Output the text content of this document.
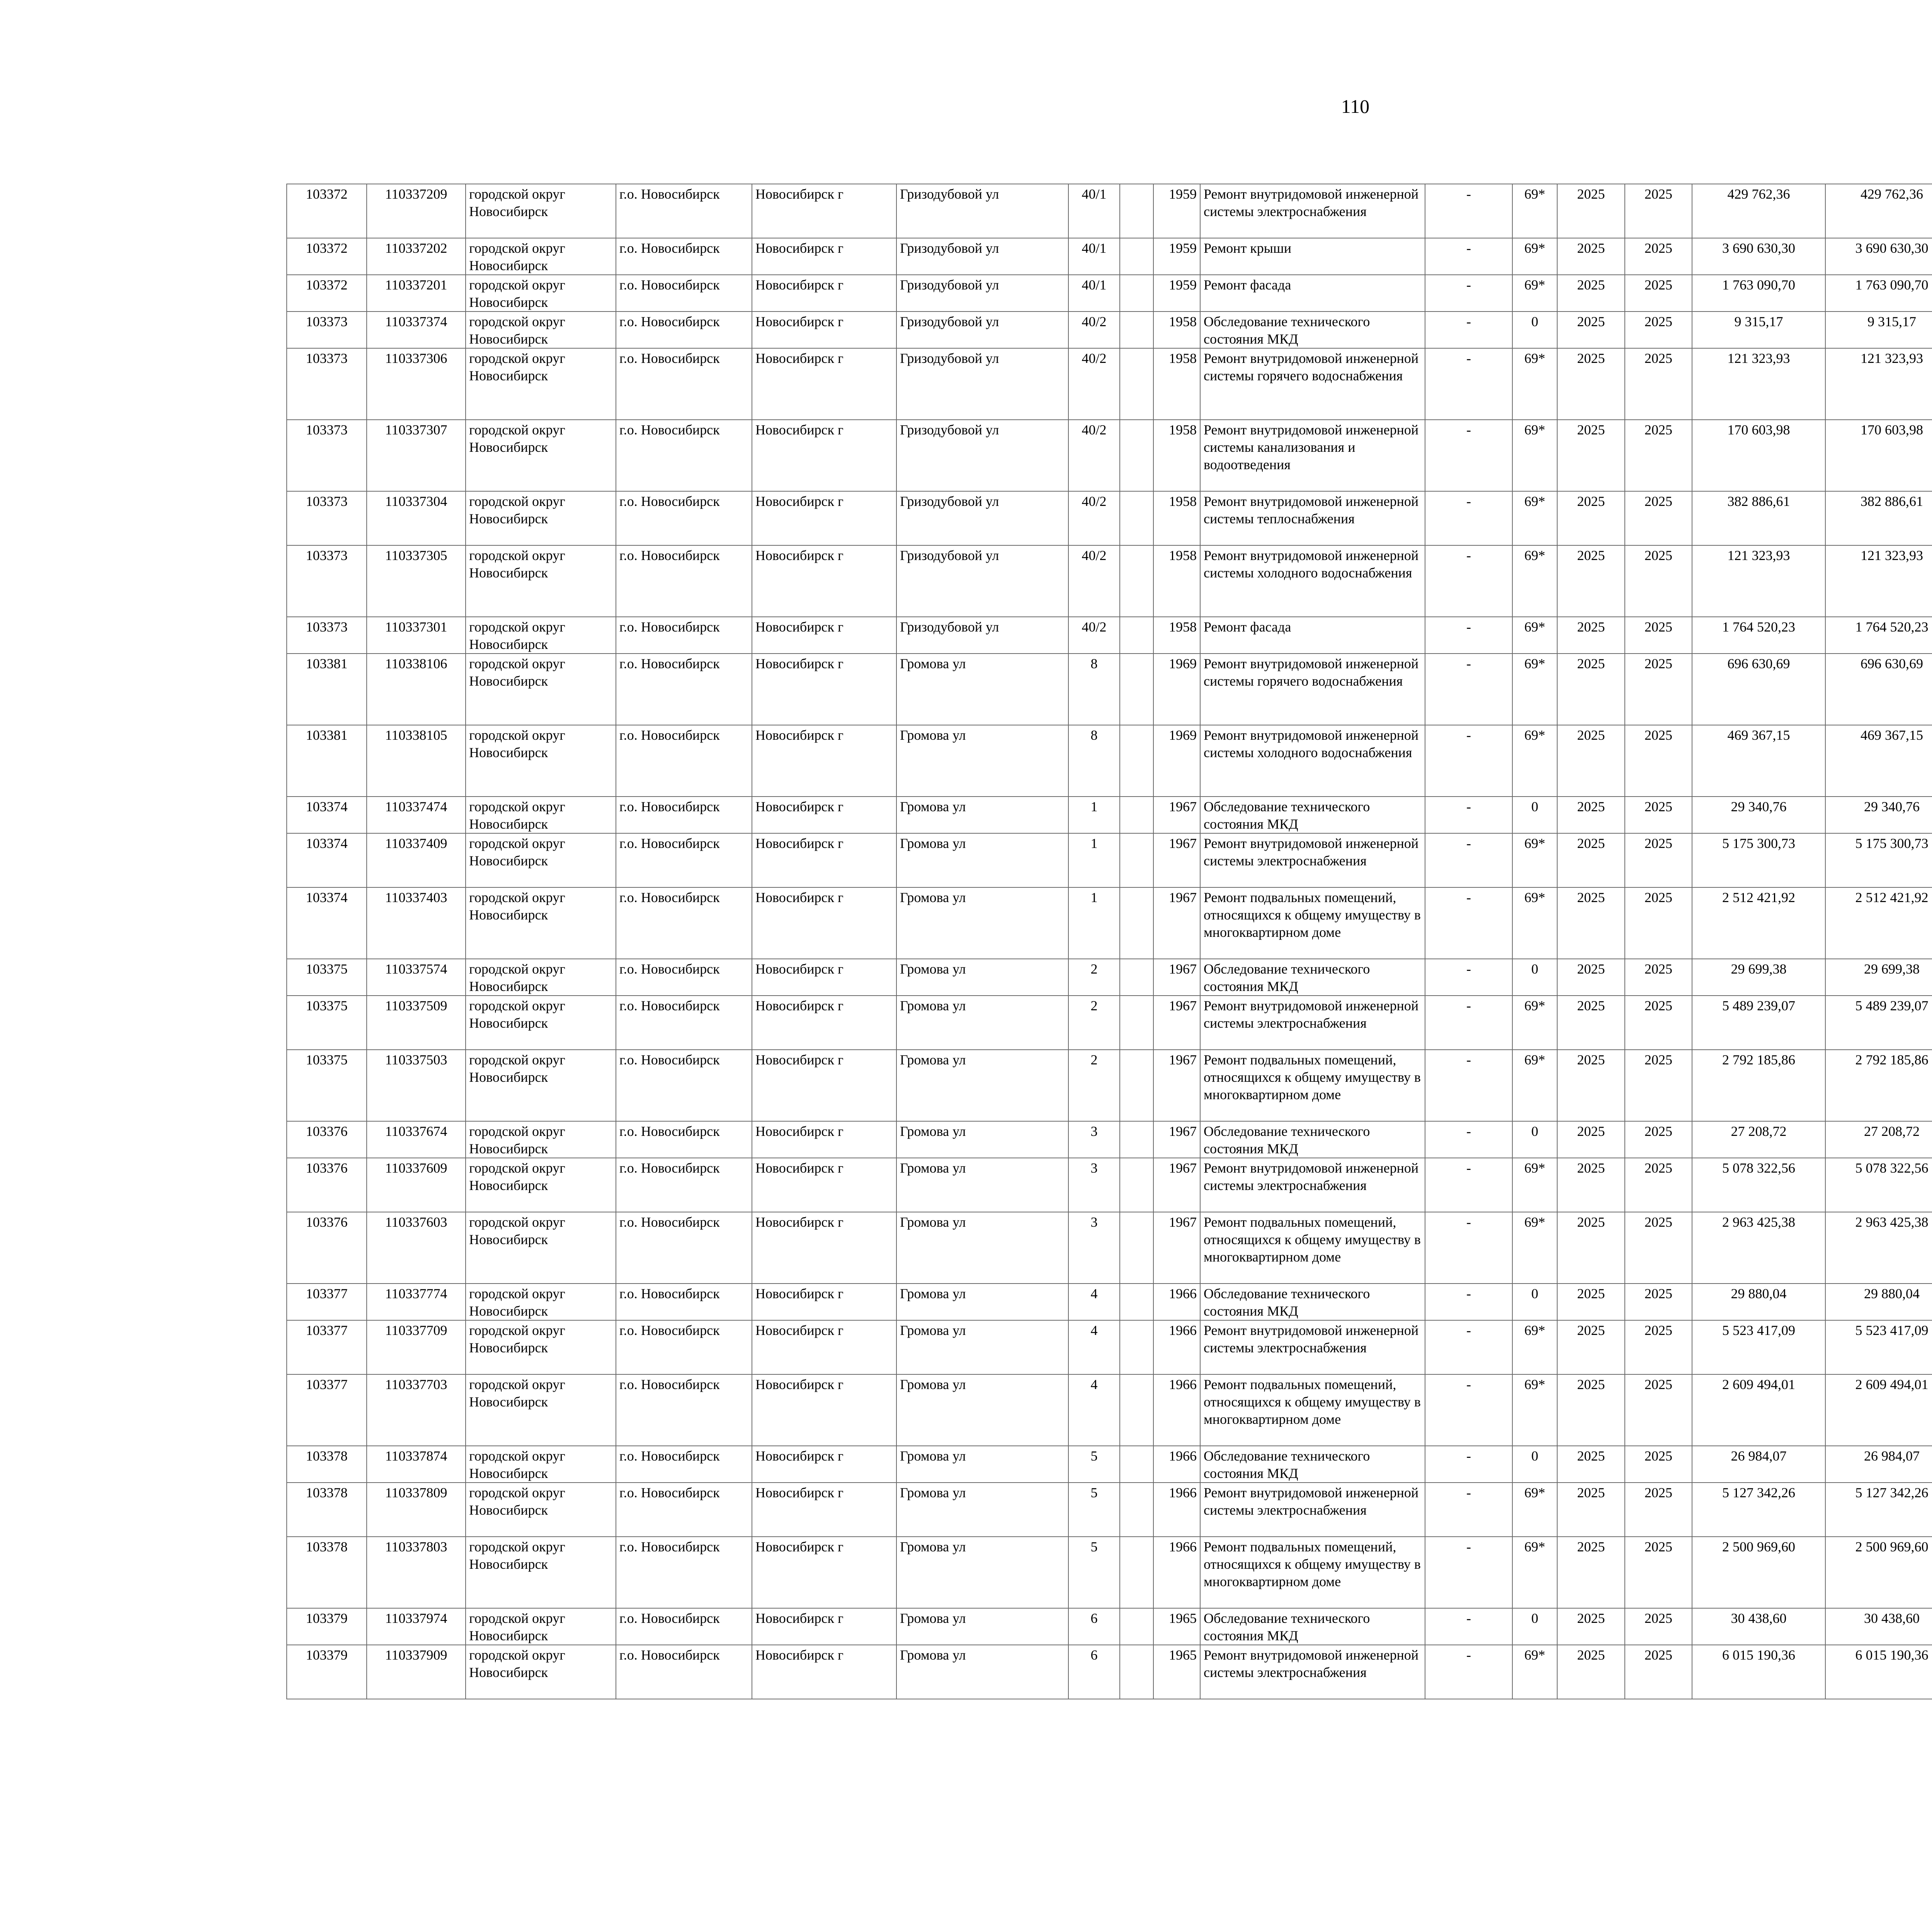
110
103372	110337209	городской округ Новосибирск	г.о. Новосибирск	Новосибирск г	Гризодубовой ул	40/1		1959	Ремонт внутридомовой инженерной системы электроснабжения	-	69*	2025	2025	429 762,36	429 762,36						
103372	110337202	городской округ Новосибирск	г.о. Новосибирск	Новосибирск г	Гризодубовой ул	40/1		1959	Ремонт крыши	-	69*	2025	2025	3 690 630,30	3 690 630,30						
103372	110337201	городской округ Новосибирск	г.о. Новосибирск	Новосибирск г	Гризодубовой ул	40/1		1959	Ремонт фасада	-	69*	2025	2025	1 763 090,70	1 763 090,70						
103373	110337374	городской округ Новосибирск	г.о. Новосибирск	Новосибирск г	Гризодубовой ул	40/2		1958	Обследование технического состояния МКД	-	0	2025	2025	9 315,17	9 315,17						
103373	110337306	городской округ Новосибирск	г.о. Новосибирск	Новосибирск г	Гризодубовой ул	40/2		1958	Ремонт внутридомовой инженерной системы горячего водоснабжения	-	69*	2025	2025	121 323,93	121 323,93						
103373	110337307	городской округ Новосибирск	г.о. Новосибирск	Новосибирск г	Гризодубовой ул	40/2		1958	Ремонт внутридомовой инженерной системы канализования и водоотведения	-	69*	2025	2025	170 603,98	170 603,98						
103373	110337304	городской округ Новосибирск	г.о. Новосибирск	Новосибирск г	Гризодубовой ул	40/2		1958	Ремонт внутридомовой инженерной системы теплоснабжения	-	69*	2025	2025	382 886,61	382 886,61						
103373	110337305	городской округ Новосибирск	г.о. Новосибирск	Новосибирск г	Гризодубовой ул	40/2		1958	Ремонт внутридомовой инженерной системы холодного водоснабжения	-	69*	2025	2025	121 323,93	121 323,93						
103373	110337301	городской округ Новосибирск	г.о. Новосибирск	Новосибирск г	Гризодубовой ул	40/2		1958	Ремонт фасада	-	69*	2025	2025	1 764 520,23	1 764 520,23						
103381	110338106	городской округ Новосибирск	г.о. Новосибирск	Новосибирск г	Громова ул	8		1969	Ремонт внутридомовой инженерной системы горячего водоснабжения	-	69*	2025	2025	696 630,69	696 630,69						
103381	110338105	городской округ Новосибирск	г.о. Новосибирск	Новосибирск г	Громова ул	8		1969	Ремонт внутридомовой инженерной системы холодного водоснабжения	-	69*	2025	2025	469 367,15	469 367,15						
103374	110337474	городской округ Новосибирск	г.о. Новосибирск	Новосибирск г	Громова ул	1		1967	Обследование технического состояния МКД	-	0	2025	2025	29 340,76	29 340,76						
103374	110337409	городской округ Новосибирск	г.о. Новосибирск	Новосибирск г	Громова ул	1		1967	Ремонт внутридомовой инженерной системы электроснабжения	-	69*	2025	2025	5 175 300,73	5 175 300,73						
103374	110337403	городской округ Новосибирск	г.о. Новосибирск	Новосибирск г	Громова ул	1		1967	Ремонт подвальных помещений, относящихся к общему имуществу в многоквартирном доме	-	69*	2025	2025	2 512 421,92	2 512 421,92						
103375	110337574	городской округ Новосибирск	г.о. Новосибирск	Новосибирск г	Громова ул	2		1967	Обследование технического состояния МКД	-	0	2025	2025	29 699,38	29 699,38						
103375	110337509	городской округ Новосибирск	г.о. Новосибирск	Новосибирск г	Громова ул	2		1967	Ремонт внутридомовой инженерной системы электроснабжения	-	69*	2025	2025	5 489 239,07	5 489 239,07						
103375	110337503	городской округ Новосибирск	г.о. Новосибирск	Новосибирск г	Громова ул	2		1967	Ремонт подвальных помещений, относящихся к общему имуществу в многоквартирном доме	-	69*	2025	2025	2 792 185,86	2 792 185,86						
103376	110337674	городской округ Новосибирск	г.о. Новосибирск	Новосибирск г	Громова ул	3		1967	Обследование технического состояния МКД	-	0	2025	2025	27 208,72	27 208,72						
103376	110337609	городской округ Новосибирск	г.о. Новосибирск	Новосибирск г	Громова ул	3		1967	Ремонт внутридомовой инженерной системы электроснабжения	-	69*	2025	2025	5 078 322,56	5 078 322,56						
103376	110337603	городской округ Новосибирск	г.о. Новосибирск	Новосибирск г	Громова ул	3		1967	Ремонт подвальных помещений, относящихся к общему имуществу в многоквартирном доме	-	69*	2025	2025	2 963 425,38	2 963 425,38						
103377	110337774	городской округ Новосибирск	г.о. Новосибирск	Новосибирск г	Громова ул	4		1966	Обследование технического состояния МКД	-	0	2025	2025	29 880,04	29 880,04						
103377	110337709	городской округ Новосибирск	г.о. Новосибирск	Новосибирск г	Громова ул	4		1966	Ремонт внутридомовой инженерной системы электроснабжения	-	69*	2025	2025	5 523 417,09	5 523 417,09						
103377	110337703	городской округ Новосибирск	г.о. Новосибирск	Новосибирск г	Громова ул	4		1966	Ремонт подвальных помещений, относящихся к общему имуществу в многоквартирном доме	-	69*	2025	2025	2 609 494,01	2 609 494,01						
103378	110337874	городской округ Новосибирск	г.о. Новосибирск	Новосибирск г	Громова ул	5		1966	Обследование технического состояния МКД	-	0	2025	2025	26 984,07	26 984,07						
103378	110337809	городской округ Новосибирск	г.о. Новосибирск	Новосибирск г	Громова ул	5		1966	Ремонт внутридомовой инженерной системы электроснабжения	-	69*	2025	2025	5 127 342,26	5 127 342,26						
103378	110337803	городской округ Новосибирск	г.о. Новосибирск	Новосибирск г	Громова ул	5		1966	Ремонт подвальных помещений, относящихся к общему имуществу в многоквартирном доме	-	69*	2025	2025	2 500 969,60	2 500 969,60						
103379	110337974	городской округ Новосибирск	г.о. Новосибирск	Новосибирск г	Громова ул	6		1965	Обследование технического состояния МКД	-	0	2025	2025	30 438,60	30 438,60						
103379	110337909	городской округ Новосибирск	г.о. Новосибирск	Новосибирск г	Громова ул	6		1965	Ремонт внутридомовой инженерной системы электроснабжения	-	69*	2025	2025	6 015 190,36	6 015 190,36						
